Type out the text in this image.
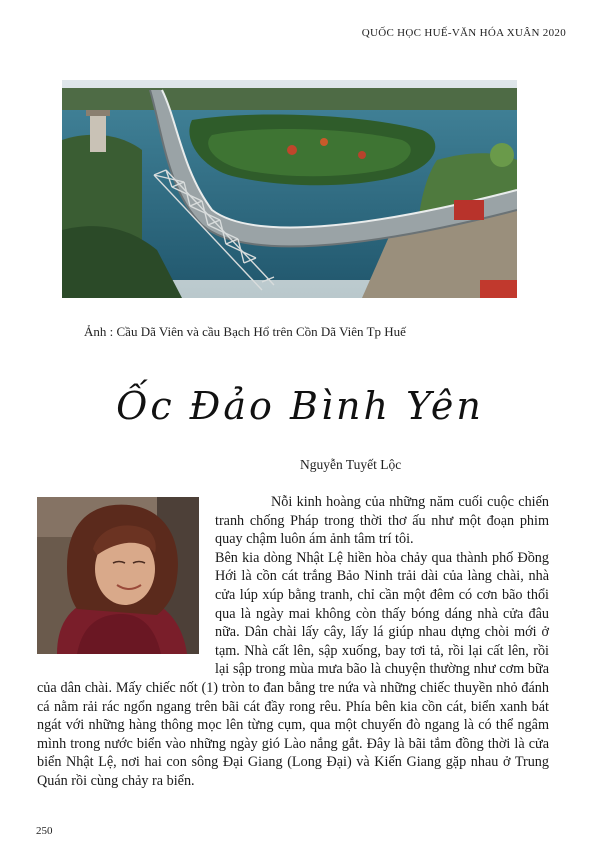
QUỐC HỌC HUẾ-VĂN HÓA XUÂN 2020
Ảnh : Cầu Dã Viên và cầu Bạch Hổ trên Cồn Dã Viên Tp Huế
Ốc Đảo Bình Yên
Nguyễn Tuyết Lộc

Nỗi kinh hoàng của những năm cuối cuộc chiến tranh chống Pháp trong thời thơ ấu như một đoạn phim quay chậm luôn ám ảnh tâm trí tôi.

Bên kia dòng Nhật Lệ hiền hòa chảy qua thành phố Đồng Hới là cồn cát trắng Bảo Ninh trải dài của làng chài, nhà cửa lúp xúp bằng tranh, chỉ cần một đêm có cơn bão thổi qua là ngày mai không còn thấy bóng dáng nhà cửa đâu nữa. Dân chài lấy cây, lấy lá giúp nhau dựng chòi mới ở tạm. Nhà cất lên, sập xuống, bay tơi tả, rồi lại cất lên, rồi lại sập trong mùa mưa bão là chuyện thường như cơm bữa của dân chài. Mấy chiếc nốt (1) tròn to đan bằng tre nứa và những chiếc thuyền nhỏ đánh cá nằm rải rác ngổn ngang trên bãi cát đầy rong rêu. Phía bên kia cồn cát, biển xanh bát ngát với những hàng thông mọc lên từng cụm, qua một chuyến đò ngang là có thể ngâm mình trong nước biển vào những ngày gió Lào nắng gắt. Đây là bãi tắm đồng thời là cửa biển Nhật Lệ, nơi hai con sông Đại Giang (Long Đại) và Kiến Giang gặp nhau ở Trung Quán rồi cùng chảy ra biển.

250
